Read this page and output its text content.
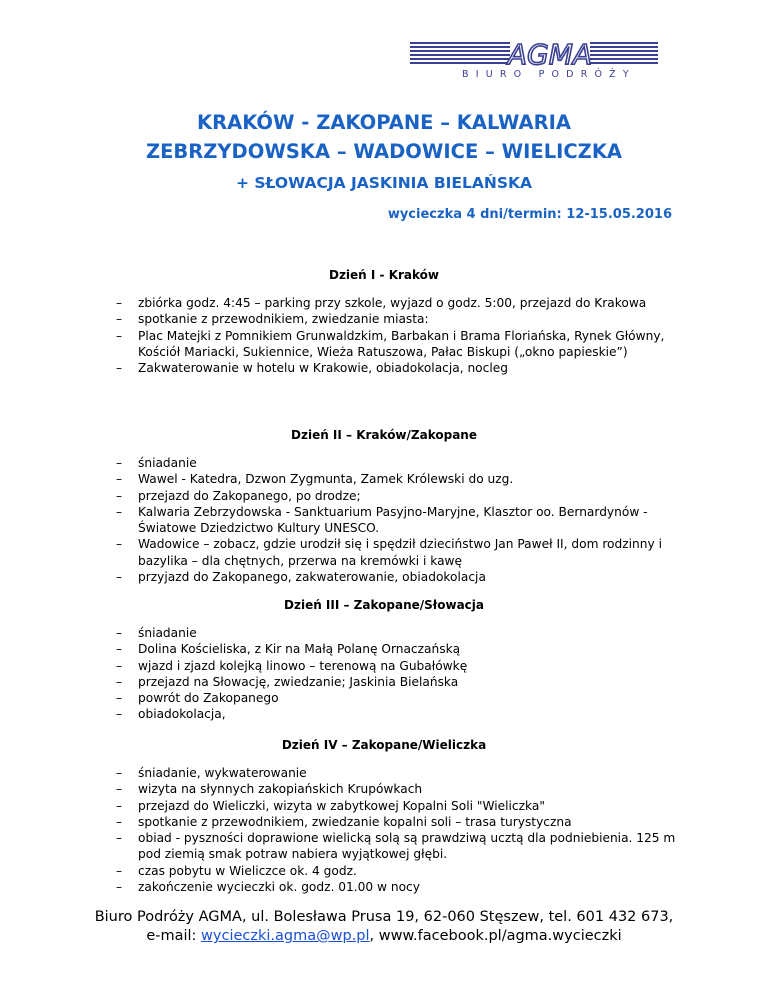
AGMA
BIURO PODRÓŻY
KRAKÓW - ZAKOPANE – KALWARIA
ZEBRZYDOWSKA – WADOWICE – WIELICZKA
+ SŁOWACJA JASKINIA BIELAŃSKA
wycieczka 4 dni/termin: 12-15.05.2016
Dzień I - Kraków
– zbiórka godz. 4:45 – parking przy szkole, wyjazd o godz. 5:00, przejazd do Krakowa
– spotkanie z przewodnikiem, zwiedzanie miasta:
– Plac Matejki z Pomnikiem Grunwaldzkim, Barbakan i Brama Floriańska, Rynek Główny, Kościół Mariacki, Sukiennice, Wieża Ratuszowa, Pałac Biskupi („okno papieskie”)
– Zakwaterowanie w hotelu w Krakowie, obiadokolacja, nocleg
Dzień II – Kraków/Zakopane
– śniadanie
– Wawel - Katedra, Dzwon Zygmunta, Zamek Królewski do uzg.
– przejazd do Zakopanego, po drodze;
– Kalwaria Zebrzydowska - Sanktuarium Pasyjno-Maryjne, Klasztor oo. Bernardynów - Światowe Dziedzictwo Kultury UNESCO.
– Wadowice – zobacz, gdzie urodził się i spędził dzieciństwo Jan Paweł II, dom rodzinny i bazylika – dla chętnych, przerwa na kremówki i kawę
– przyjazd do Zakopanego, zakwaterowanie, obiadokolacja
Dzień III – Zakopane/Słowacja
– śniadanie
– Dolina Kościeliska, z Kir na Małą Polanę Ornaczańską
– wjazd i zjazd kolejką linowo – terenową na Gubałówkę
– przejazd na Słowację, zwiedzanie; Jaskinia Bielańska
– powrót do Zakopanego
– obiadokolacja,
Dzień IV – Zakopane/Wieliczka
– śniadanie, wykwaterowanie
– wizyta na słynnych zakopiańskich Krupówkach
– przejazd do Wieliczki, wizyta w zabytkowej Kopalni Soli "Wieliczka"
– spotkanie z przewodnikiem, zwiedzanie kopalni soli – trasa turystyczna
– obiad - pyszności doprawione wielicką solą są prawdziwą ucztą dla podniebienia. 125 m pod ziemią smak potraw nabiera wyjątkowej głębi.
– czas pobytu w Wieliczce ok. 4 godz.
– zakończenie wycieczki ok. godz. 01.00 w nocy
Biuro Podróży AGMA, ul. Bolesława Prusa 19, 62-060 Stęszew, tel. 601 432 673,
e-mail: wycieczki.agma@wp.pl, www.facebook.pl/agma.wycieczki
